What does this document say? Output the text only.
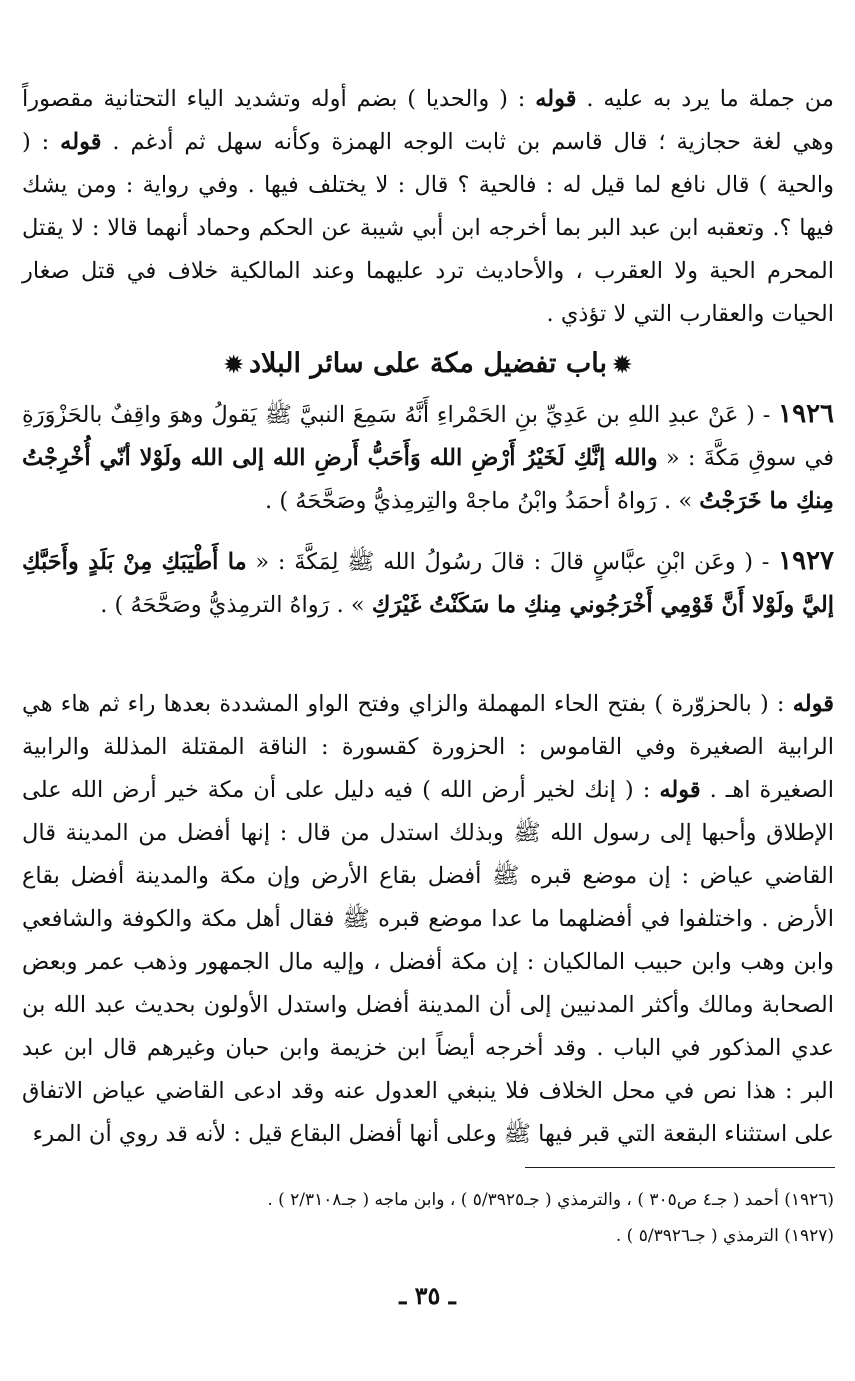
من جملة ما يرد به عليه . قوله : ( والحديا ) بضم أوله وتشديد الياء التحتانية مقصوراً وهي لغة حجازية ؛ قال قاسم بن ثابت الوجه الهمزة وكأنه سهل ثم أدغم . قوله : ( والحية ) قال نافع لما قيل له : فالحية ؟ قال : لا يختلف فيها . وفي رواية : ومن يشك فيها ؟. وتعقبه ابن عبد البر بما أخرجه ابن أبي شيبة عن الحكم وحماد أنهما قالا : لا يقتل المحرم الحية ولا العقرب ، والأحاديث ترد عليهما وعند المالكية خلاف في قتل صغار الحيات والعقارب التي لا تؤذي .
✹باب تفضيل مكة على سائر البلاد✹
١٩٢٦ - ( عَنْ عبدِ اللهِ بن عَدِيِّ بنِ الحَمْراءِ أَنَّهُ سَمِعَ النبيَّ ﷺ يَقولُ وهوَ واقِفٌ بالحَزْوَرَةِ في سوقِ مَكَّةَ : « والله إنَّكِ لَخَيْرُ أَرْضِ الله وَأَحَبُّ أَرضِ الله إلى الله ولَوْلا أنّي أُخْرِجْتُ مِنكِ ما خَرَجْتُ » . رَواهُ أحمَدُ وابْنُ ماجهْ والتِرمِذيُّ وصَحَّحَهُ ) .
١٩٢٧ - ( وعَن ابْنِ عبَّاسٍ قالَ : قالَ رسُولُ الله ﷺ لِمَكَّةَ : « ما أَطْيَبَكِ مِنْ بَلَدٍ وأَحَبَّكِ إليَّ ولَوْلا أَنَّ قَوْمِي أَخْرَجُوني مِنكِ ما سَكَنْتُ غَيْرَكِ » . رَواهُ الترمِذيُّ وصَحَّحَهُ ) .
قوله : ( بالحزوّرة ) بفتح الحاء المهملة والزاي وفتح الواو المشددة بعدها راء ثم هاء هي الرابية الصغيرة وفي القاموس : الحزورة كقسورة : الناقة المقتلة المذللة والرابية الصغيرة اهـ . قوله : ( إنك لخير أرض الله ) فيه دليل على أن مكة خير أرض الله على الإطلاق وأحبها إلى رسول الله ﷺ وبذلك استدل من قال : إنها أفضل من المدينة قال القاضي عياض : إن موضع قبره ﷺ أفضل بقاع الأرض وإن مكة والمدينة أفضل بقاع الأرض . واختلفوا في أفضلهما ما عدا موضع قبره ﷺ فقال أهل مكة والكوفة والشافعي وابن وهب وابن حبيب المالكيان : إن مكة أفضل ، وإليه مال الجمهور وذهب عمر وبعض الصحابة ومالك وأكثر المدنيين إلى أن المدينة أفضل واستدل الأولون بحديث عبد الله بن عدي المذكور في الباب . وقد أخرجه أيضاً ابن خزيمة وابن حبان وغيرهم قال ابن عبد البر : هذا نص في محل الخلاف فلا ينبغي العدول عنه وقد ادعى القاضي عياض الاتفاق على استثناء البقعة التي قبر فيها ﷺ وعلى أنها أفضل البقاع قيل : لأنه قد روي أن المرء
(١٩٢٦) أحمد ( جـ٤ ص٣٠٥ ) ، والترمذي ( جـ٥/٣٩٢٥ ) ، وابن ماجه ( جـ٢/٣١٠٨ ) .
(١٩٢٧) الترمذي ( جـ٥/٣٩٢٦ ) .
ـ ٣٥ ـ
